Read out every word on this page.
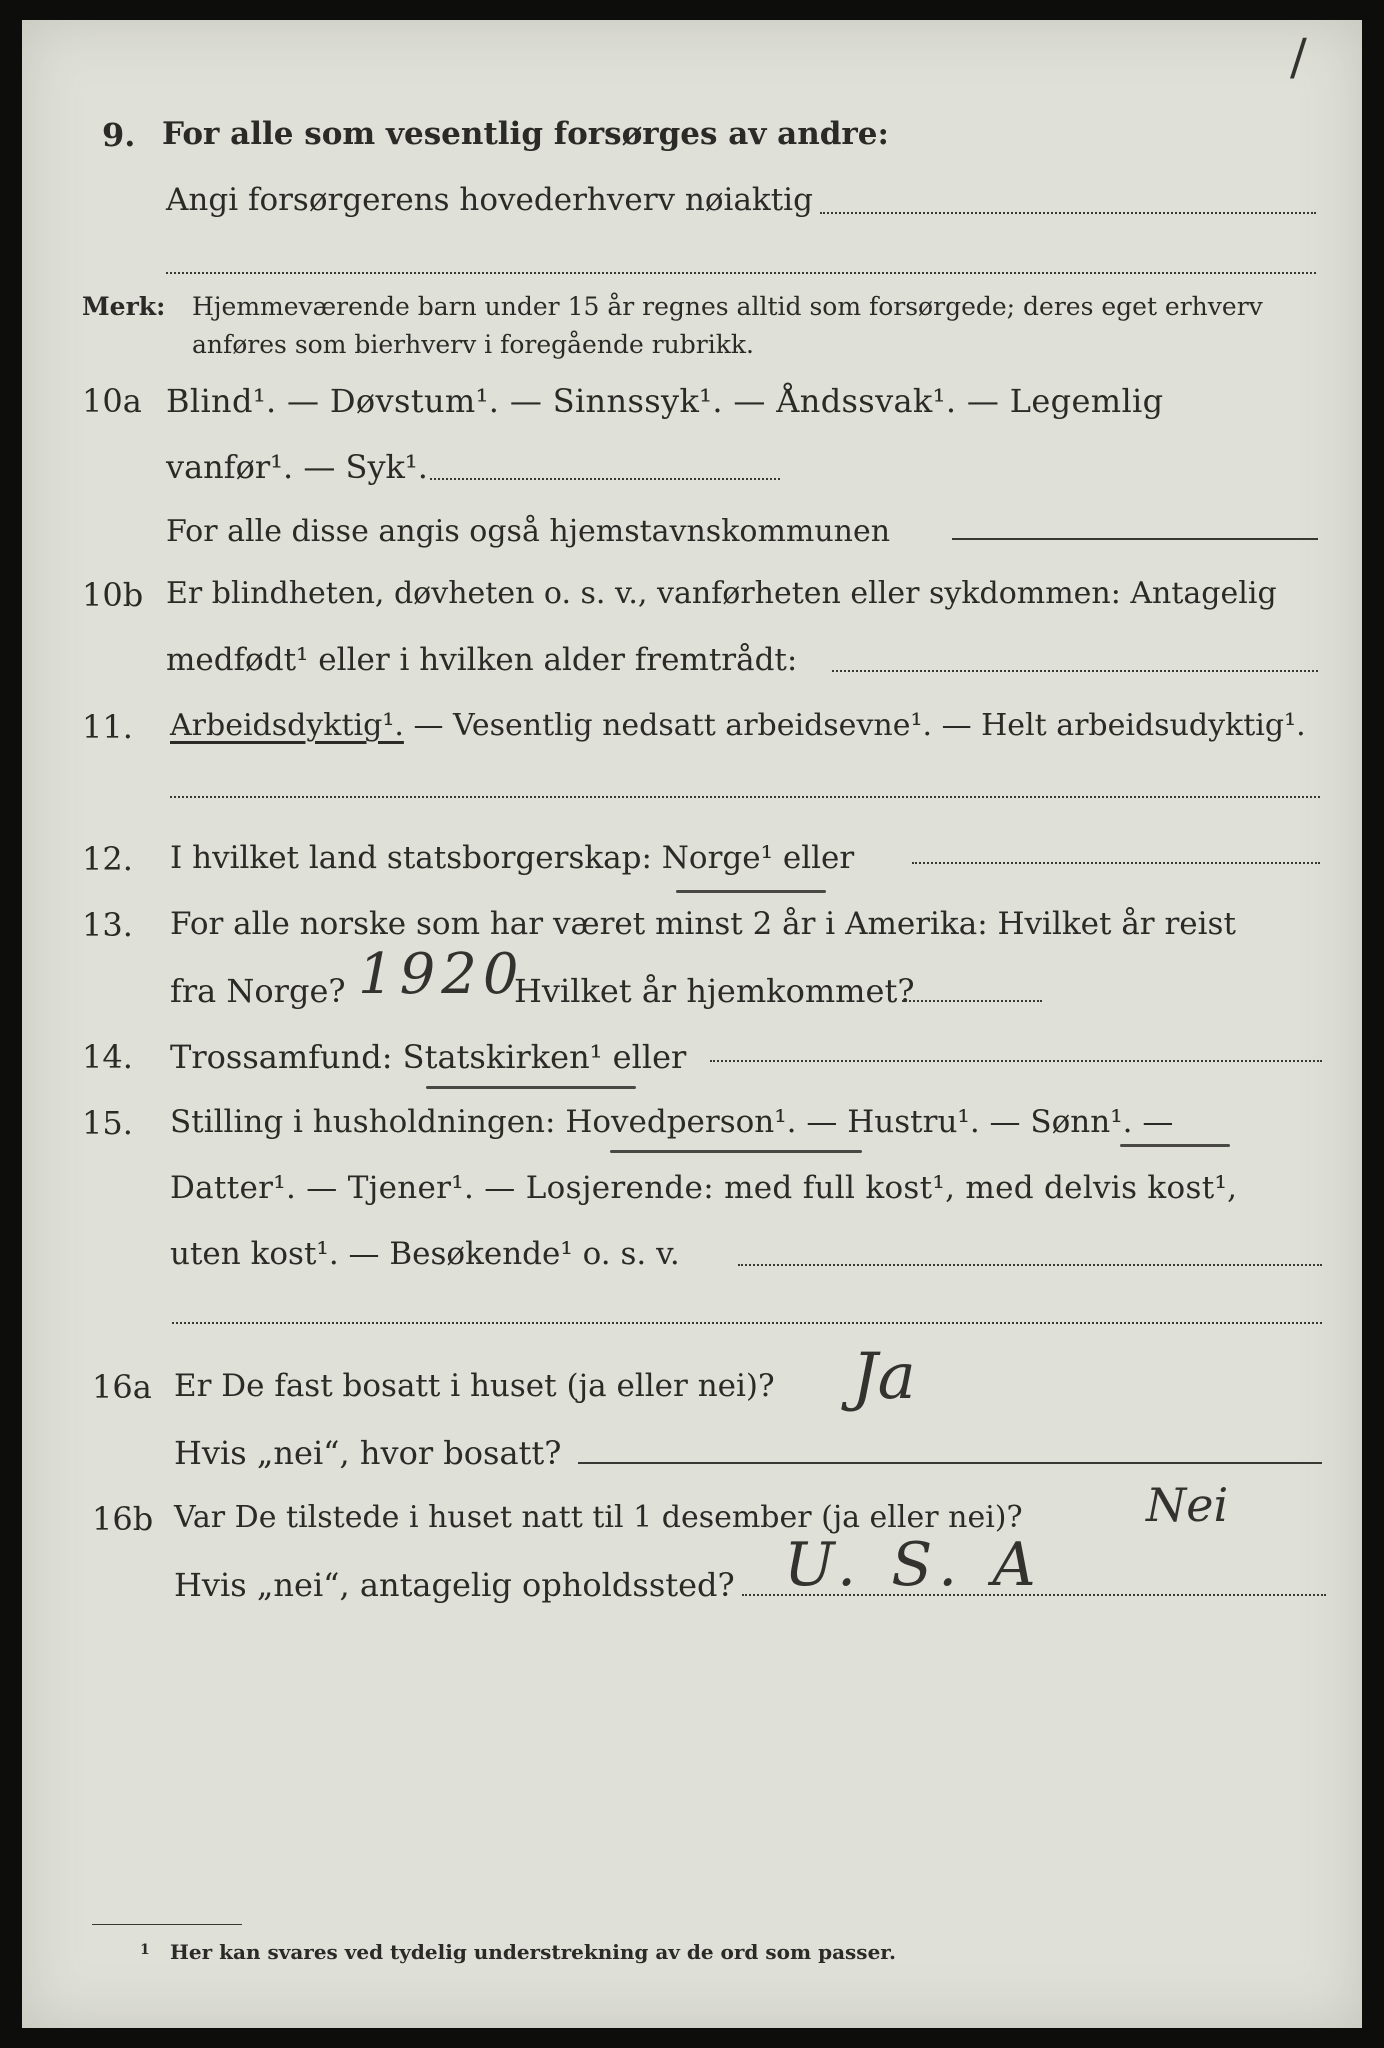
/
9. For alle som vesentlig forsørges av andre:
Angi forsørgerens hovederhverv nøiaktig
Merk: Hjemmeværende barn under 15 år regnes alltid som forsørgede; deres eget erhverv
anføres som bierhverv i foregående rubrikk.
10a Blind¹. — Døvstum¹. — Sinnssyk¹. — Åndssvak¹. — Legemlig
vanfør¹. — Syk¹.
For alle disse angis også hjemstavnskommunen
10b Er blindheten, døvheten o. s. v., vanførheten eller sykdommen: Antagelig
medfødt¹ eller i hvilken alder fremtrådt:
11. Arbeidsdyktig¹. — Vesentlig nedsatt arbeidsevne¹. — Helt arbeidsudyktig¹.
12. I hvilket land statsborgerskap: Norge¹ eller
13. For alle norske som har været minst 2 år i Amerika: Hvilket år reist
fra Norge? 1920
Hvilket år hjemkommet?
14. Trossamfund: Statskirken¹ eller
15. Stilling i husholdningen: Hovedperson¹. — Hustru¹. — Sønn¹. —
Datter¹. — Tjener¹. — Losjerende: med full kost¹, med delvis kost¹,
uten kost¹. — Besøkende¹ o. s. v.
16a Er De fast bosatt i huset (ja eller nei)? Ja
Hvis „nei“, hvor bosatt?
16b Var De tilstede i huset natt til 1 desember (ja eller nei)?	Nei
Hvis „nei“, antagelig opholdssted? U. S. A
1 Her kan svares ved tydelig understrekning av de ord som passer.
